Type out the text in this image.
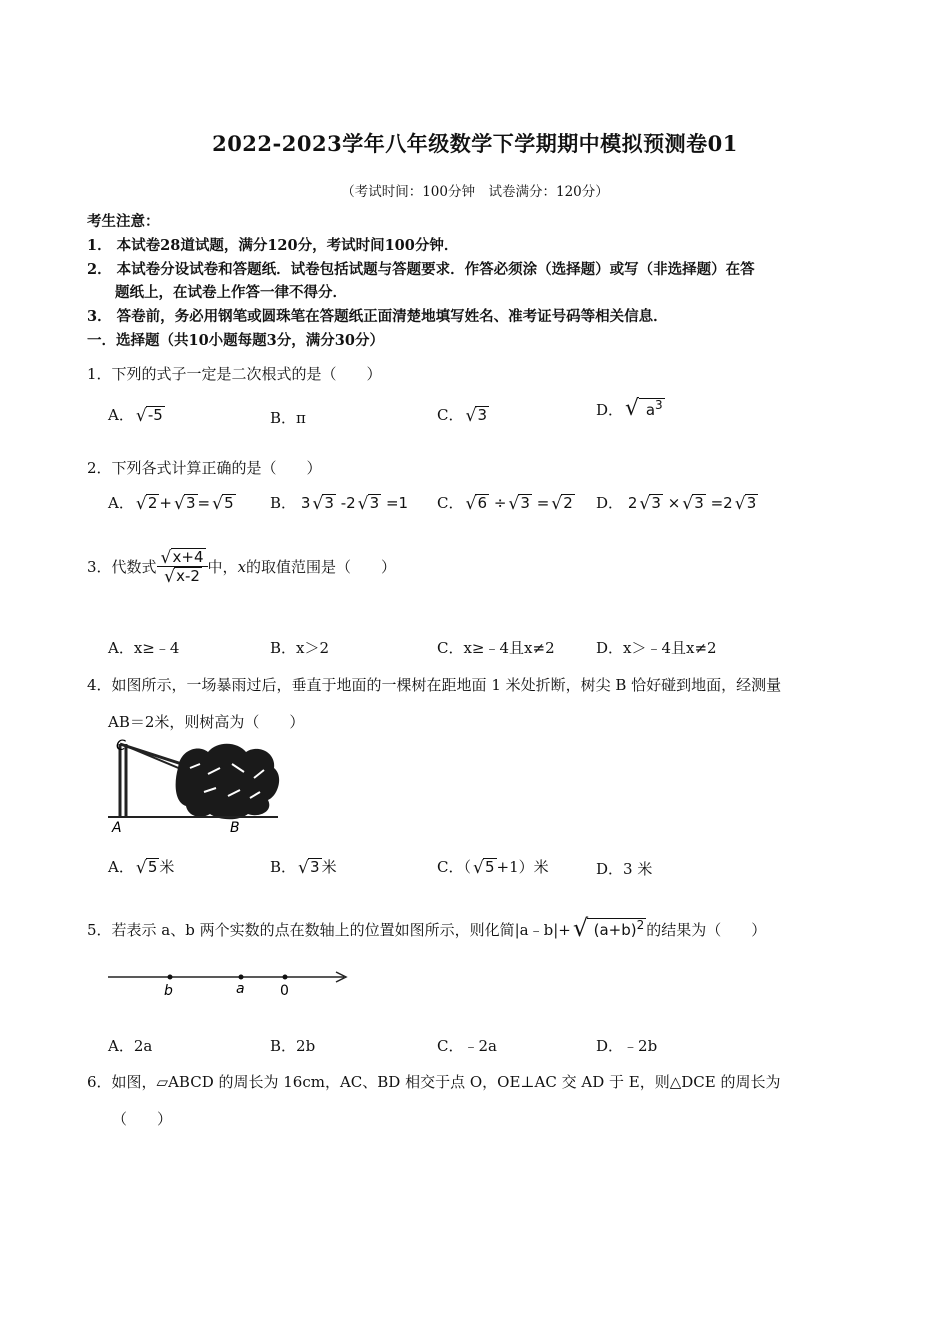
2022-2023学年八年级数学下学期期中模拟预测卷01
（考试时间：100分钟　试卷满分：120分）
考生注意：
1． 本试卷28道试题，满分120分，考试时间100分钟．
2． 本试卷分设试卷和答题纸．试卷包括试题与答题要求．作答必须涂（选择题）或写（非选择题）在答
题纸上，在试卷上作答一律不得分．
3． 答卷前，务必用钢笔或圆珠笔在答题纸正面清楚地填写姓名、准考证号码等相关信息．
一．选择题（共10小题每题3分，满分30分）
1．下列的式子一定是二次根式的是（　　）
A． √ -5	B．π	C． √ 3	D． √ $a^3$
2．下列各式计算正确的是（　　）
A． √ 2 + √ 3 = √ 5 B． 3 √ 3 -2 √ 3 =1 C． √ 6 ÷ √ 3 = √ 2 D． 2 √ 3 × √ 3 =2 √ 3
3．代数式 $\frac{√ x+4}{√ x-2}$ 中，x的取值范围是（　　）
A．x≥﹣4	B．x＞2	C．x≥﹣4且x≠2	D．x＞﹣4且x≠2
4．如图所示，一场暴雨过后，垂直于地面的一棵树在距地面 1 米处折断，树尖 B 恰好碰到地面，经测量
AB＝2米，则树高为（　　）
C
A	B
A． √ 5 米	B． √ 3 米	C．（ √ 5 +1）米	D．3 米
5．若表示 a、b 两个实数的点在数轴上的位置如图所示，则化简|a﹣b|+ √ $(a+b)^2$ 的结果为（　　）
b	a	0
A．2a	B．2b	C．﹣2a	D．﹣2b
6．如图，▱ABCD 的周长为 16cm，AC、BD 相交于点 O，OE⊥AC 交 AD 于 E，则△DCE 的周长为
（　　）
